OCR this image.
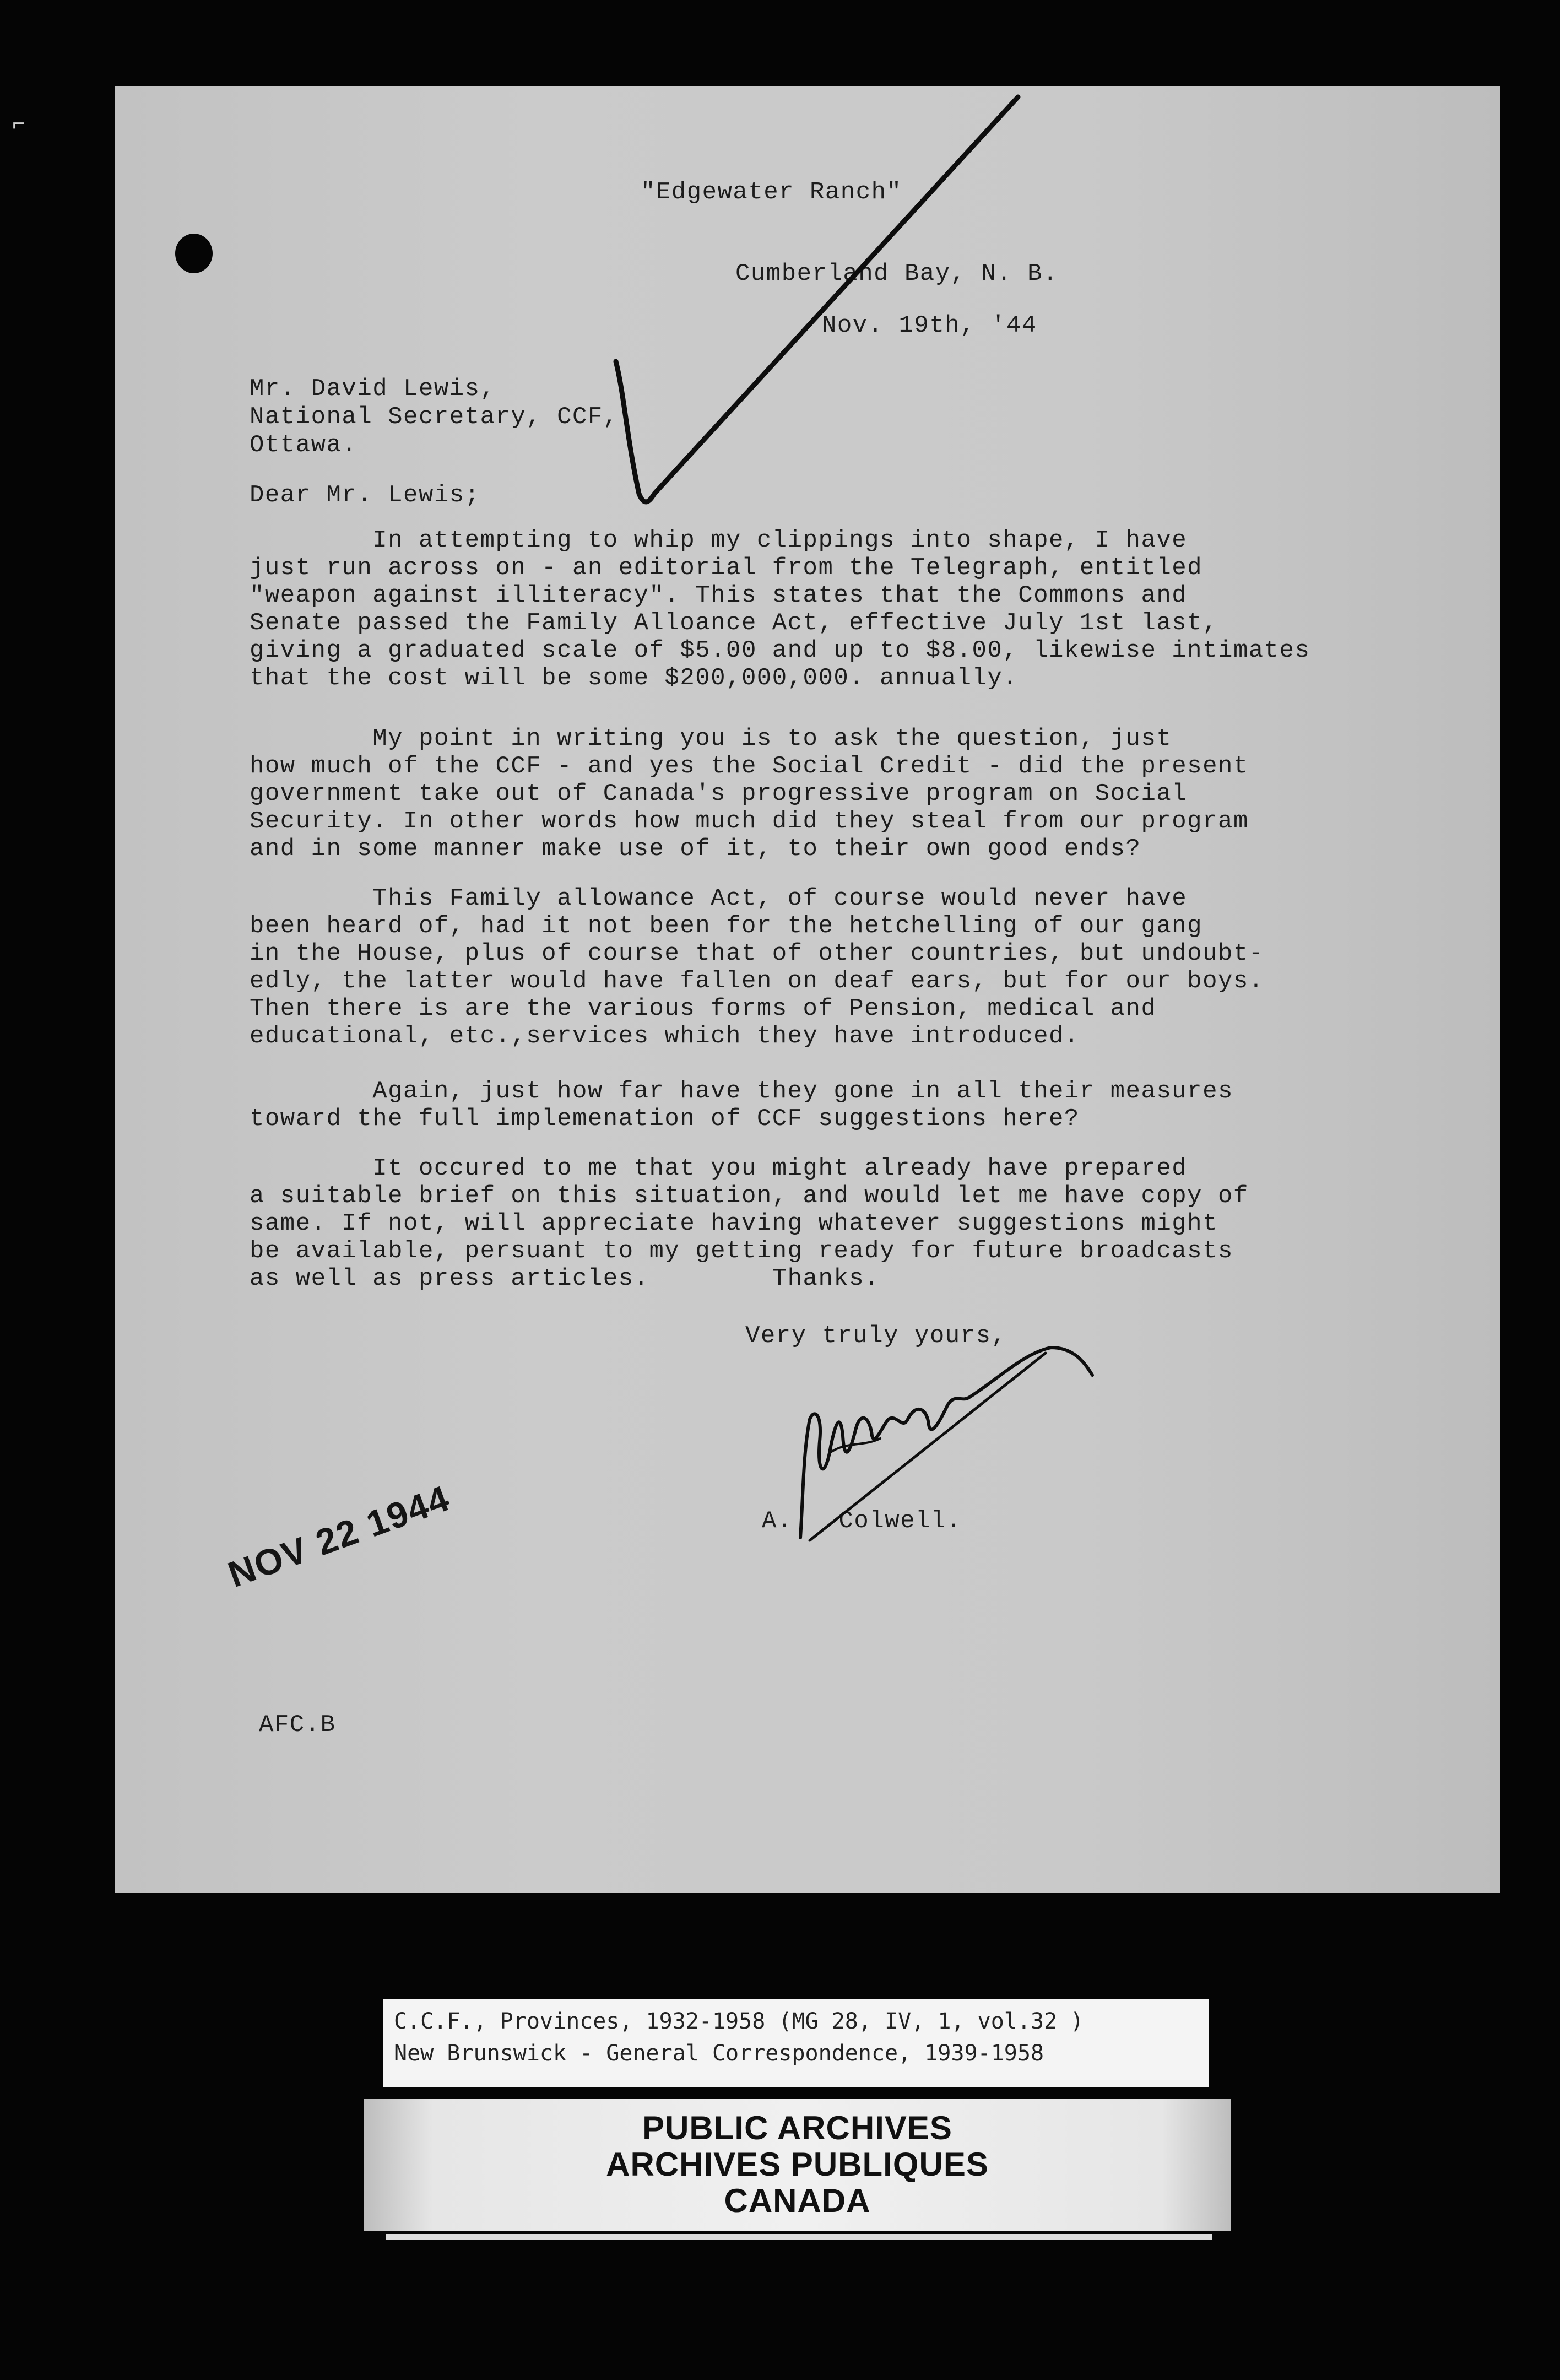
⌐

"Edgewater Ranch"

Cumberland Bay, N. B.

Nov. 19th, '44

Mr. David Lewis,

National Secretary, CCF,

Ottawa.

Dear Mr. Lewis;

In attempting to whip my clippings into shape, I have
just run across on - an editorial from the Telegraph, entitled
"weapon against illiteracy". This states that the Commons and
Senate passed the Family Alloance Act, effective July 1st last,
giving a graduated scale of $5.00 and up to $8.00, likewise intimates
that the cost will be some $200,000,000. annually.
My point in writing you is to ask the question, just
how much of the CCF - and yes the Social Credit - did the present
government take out of Canada's progressive program on Social
Security. In other words how much did they steal from our program
and in some manner make use of it, to their own good ends?
This Family allowance Act, of course would never have
been heard of, had it not been for the hetchelling of our gang
in the House, plus of course that of other countries, but undoubt-
edly, the latter would have fallen on deaf ears, but for our boys.
Then there is are the various forms of Pension, medical and
educational, etc.,services which they have introduced.
Again, just how far have they gone in all their measures
toward the full implemenation of CCF suggestions here?
It occured to me that you might already have prepared
a suitable brief on this situation, and would let me have copy of
same. If not, will appreciate having whatever suggestions might
be available, persuant to my getting ready for future broadcasts
as well as press articles.        Thanks.

Very truly yours,

A.   Colwell.

AFC.B

NOV 22 1944
C.C.F., Provinces, 1932-1958 (MG 28, IV, 1, vol.32 )
New Brunswick - General Correspondence, 1939-1958
PUBLIC ARCHIVES
ARCHIVES PUBLIQUES
CANADA
